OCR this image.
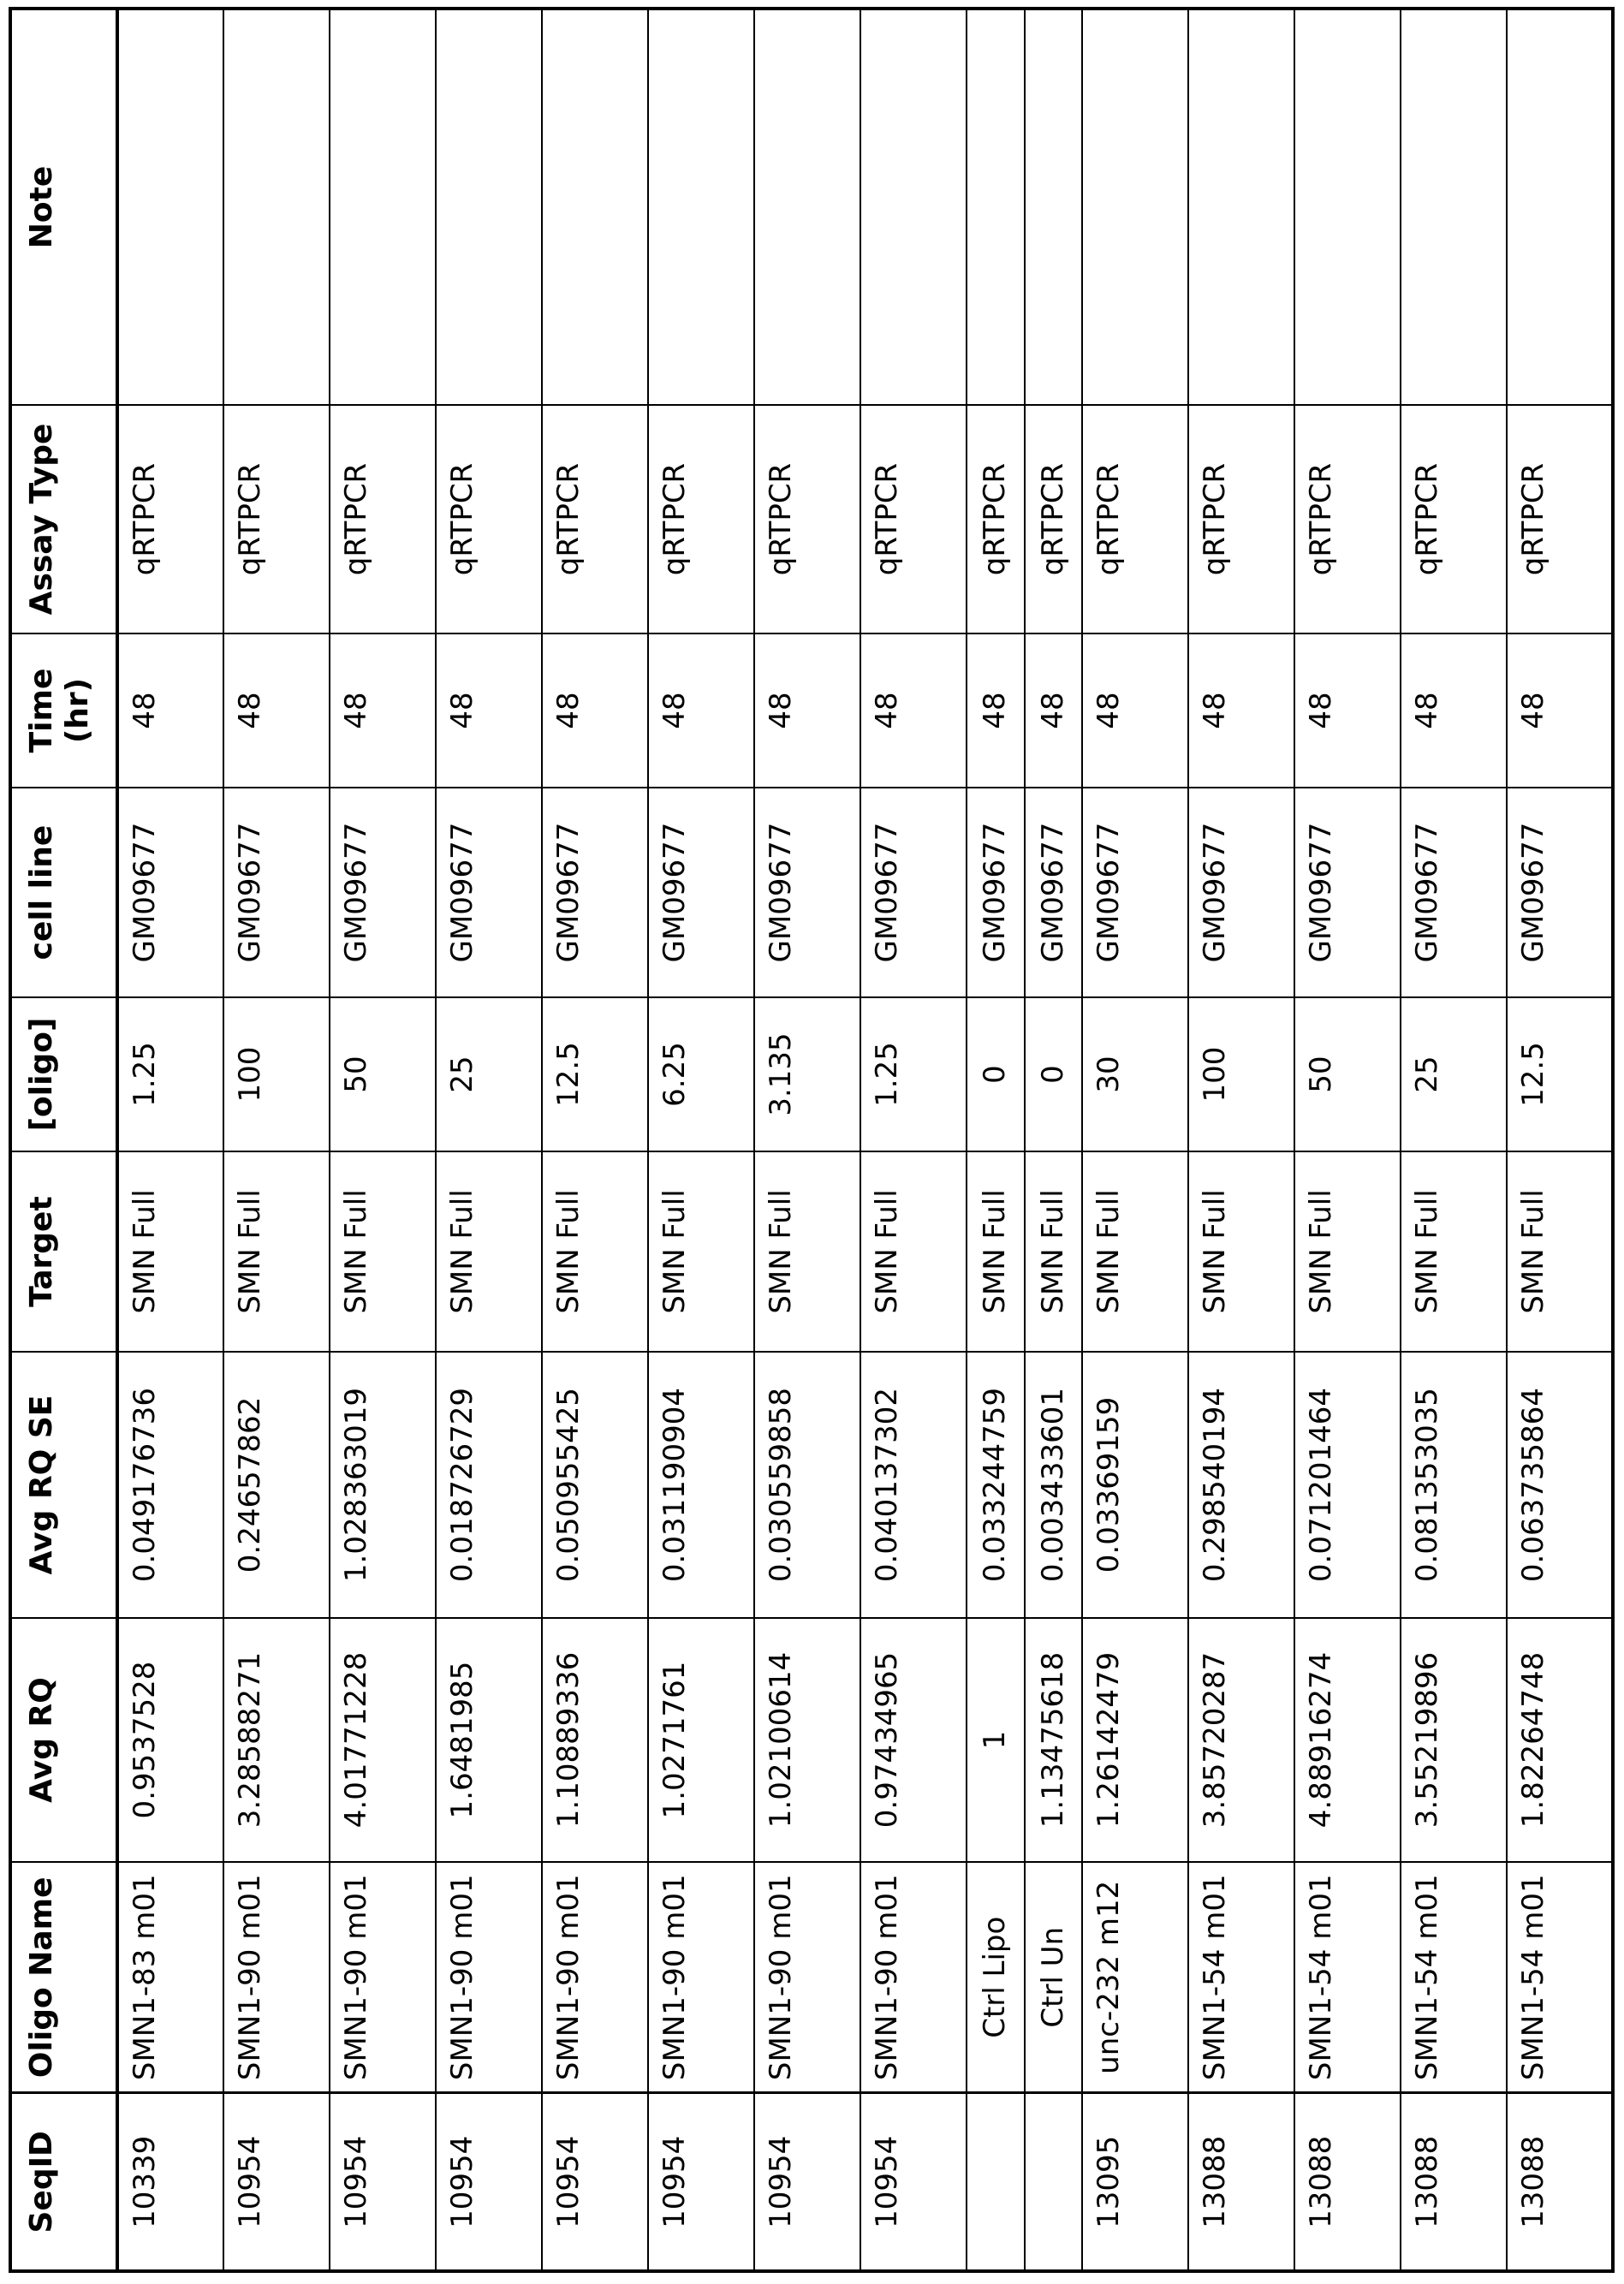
SeqID	Oligo Name	Avg RQ	Avg RQ SE	Target	[oligo]	cell line	Time (hr)	Assay Type	Note
10339	SMN1-83 m01	0.9537528	0.049176736	SMN Full	1.25	GM09677	48	qRTPCR	
10954	SMN1-90 m01	3.28588271	0.24657862	SMN Full	100	GM09677	48	qRTPCR	
10954	SMN1-90 m01	4.01771228	1.028363019	SMN Full	50	GM09677	48	qRTPCR	
10954	SMN1-90 m01	1.6481985	0.018726729	SMN Full	25	GM09677	48	qRTPCR	
10954	SMN1-90 m01	1.10889336	0.050955425	SMN Full	12.5	GM09677	48	qRTPCR	
10954	SMN1-90 m01	1.0271761	0.031190904	SMN Full	6.25	GM09677	48	qRTPCR	
10954	SMN1-90 m01	1.02100614	0.030559858	SMN Full	3.135	GM09677	48	qRTPCR	
10954	SMN1-90 m01	0.97434965	0.040137302	SMN Full	1.25	GM09677	48	qRTPCR	
	Ctrl Lipo	1	0.033244759	SMN Full	0	GM09677	48	qRTPCR	
	Ctrl Un	1.13475618	0.003433601	SMN Full	0	GM09677	48	qRTPCR	
13095	unc-232 m12	1.26142479	0.03369159	SMN Full	30	GM09677	48	qRTPCR	
13088	SMN1-54 m01	3.85720287	0.298540194	SMN Full	100	GM09677	48	qRTPCR	
13088	SMN1-54 m01	4.88916274	0.071201464	SMN Full	50	GM09677	48	qRTPCR	
13088	SMN1-54 m01	3.55219896	0.081353035	SMN Full	25	GM09677	48	qRTPCR	
13088	SMN1-54 m01	1.82264748	0.063735864	SMN Full	12.5	GM09677	48	qRTPCR	
